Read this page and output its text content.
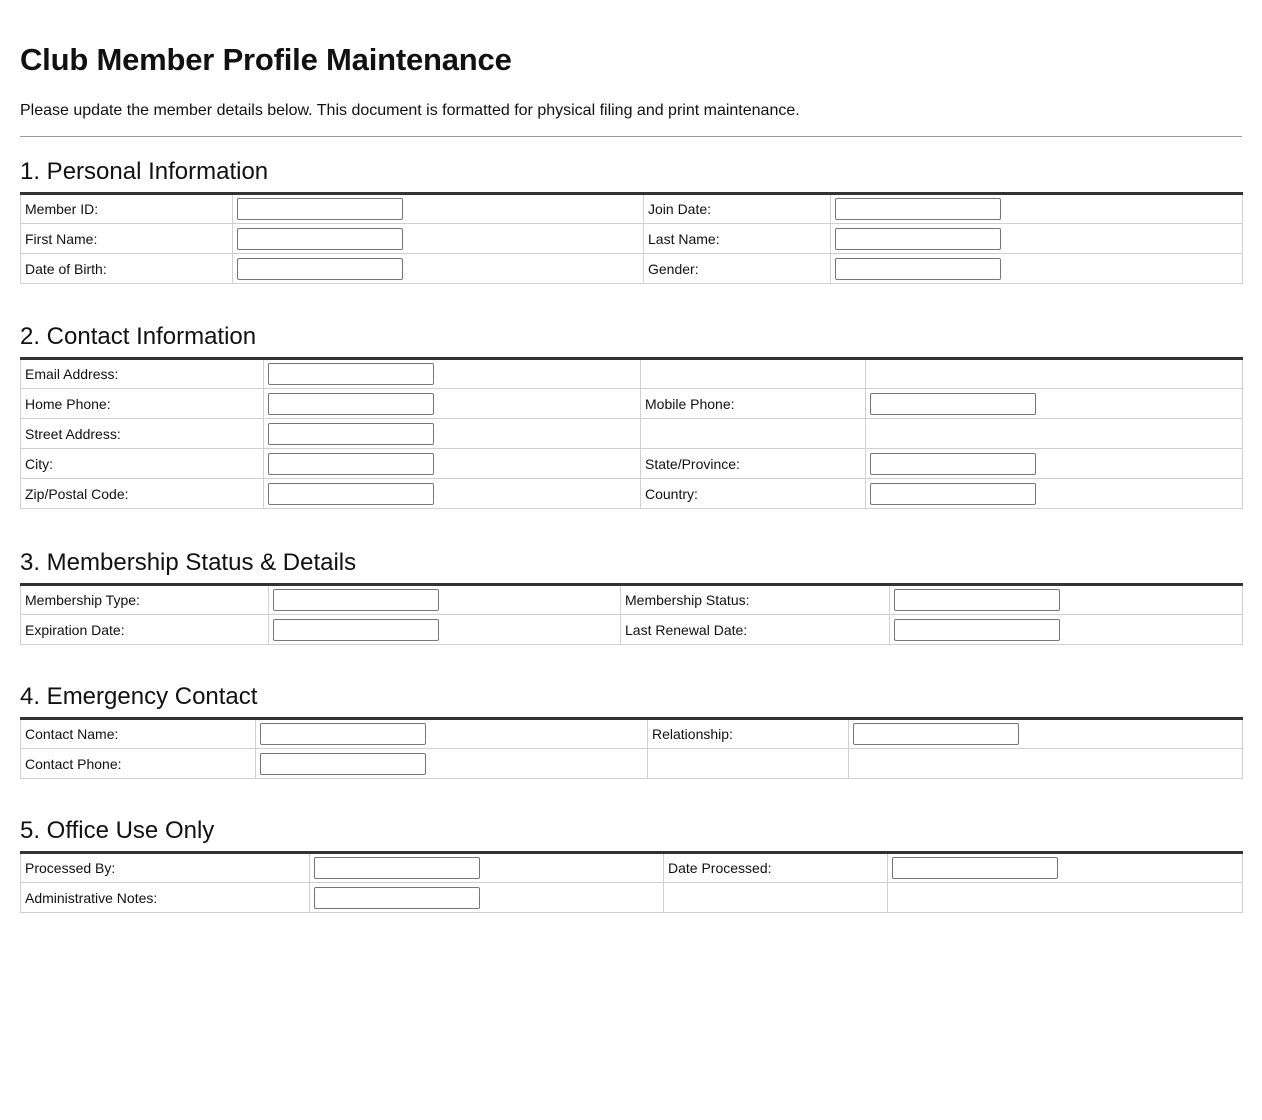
Club Member Profile Maintenance

Please update the member details below. This document is formatted for physical filing and print maintenance.

1. Personal Information
Member ID:		Join Date:	

First Name:		Last Name:	

Date of Birth:		Gender:	
2. Contact Information
Email Address:	

Home Phone:		Mobile Phone:	

Street Address:	

City:		State/Province:	

Zip/Postal Code:		Country:	
3. Membership Status & Details
Membership Type:		Membership Status:	

Expiration Date:		Last Renewal Date:	
4. Emergency Contact
Contact Name:		Relationship:	

Contact Phone:	

5. Office Use Only
Processed By:		Date Processed:	

Administrative Notes:	
